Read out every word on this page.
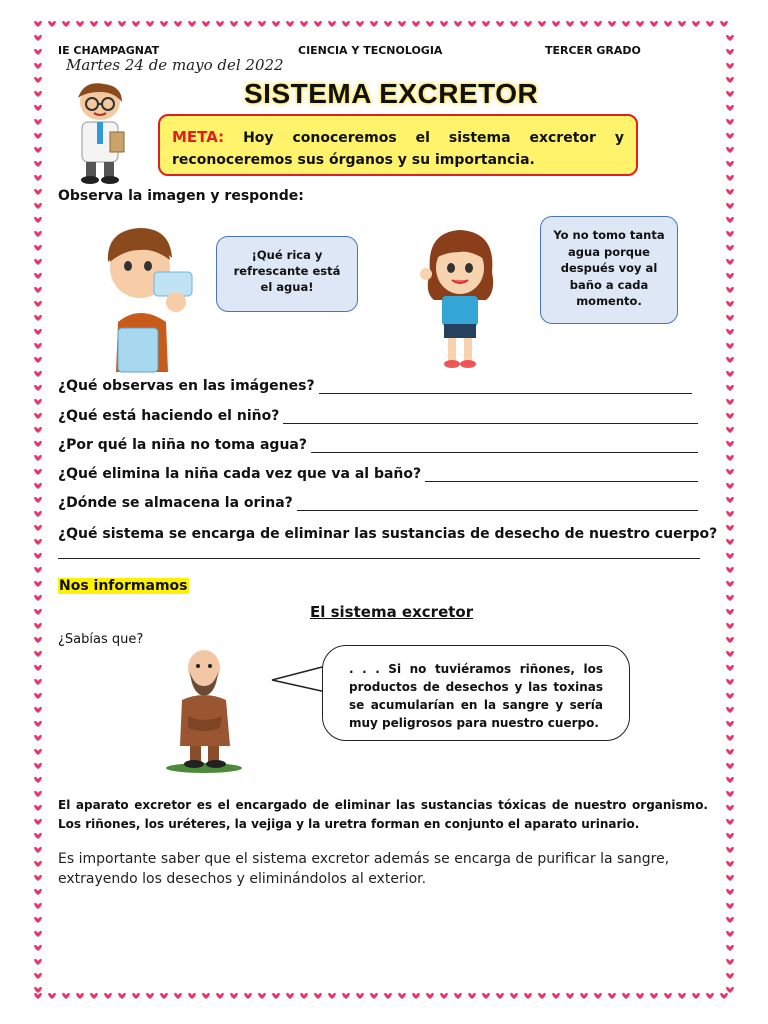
IE CHAMPAGNAT	CIENCIA Y TECNOLOGIA	TERCER GRADO
Martes 24 de mayo del 2022
SISTEMA EXCRETOR
META: Hoy conoceremos el sistema excretor y reconoceremos sus órganos y su importancia.
Observa la imagen y responde:
¡Qué rica y refrescante está el agua!
Yo no tomo tanta agua porque después voy al baño a cada momento.
¿Qué observas en las imágenes?
¿Qué está haciendo el niño?
¿Por qué la niña no toma agua?
¿Qué elimina la niña cada vez que va al baño?
¿Dónde se almacena la orina?
¿Qué sistema se encarga de eliminar las sustancias de desecho de nuestro cuerpo?
Nos informamos
El sistema excretor
¿Sabías que?
. . . Si no tuviéramos riñones, los productos de desechos y las toxinas se acumularían en la sangre y sería muy peligrosos para nuestro cuerpo.
El aparato excretor es el encargado de eliminar las sustancias tóxicas de nuestro organismo. Los riñones, los uréteres, la vejiga y la uretra forman en conjunto el aparato urinario.
Es importante saber que el sistema excretor además se encarga de purificar la sangre, extrayendo los desechos y eliminándolos al exterior.
